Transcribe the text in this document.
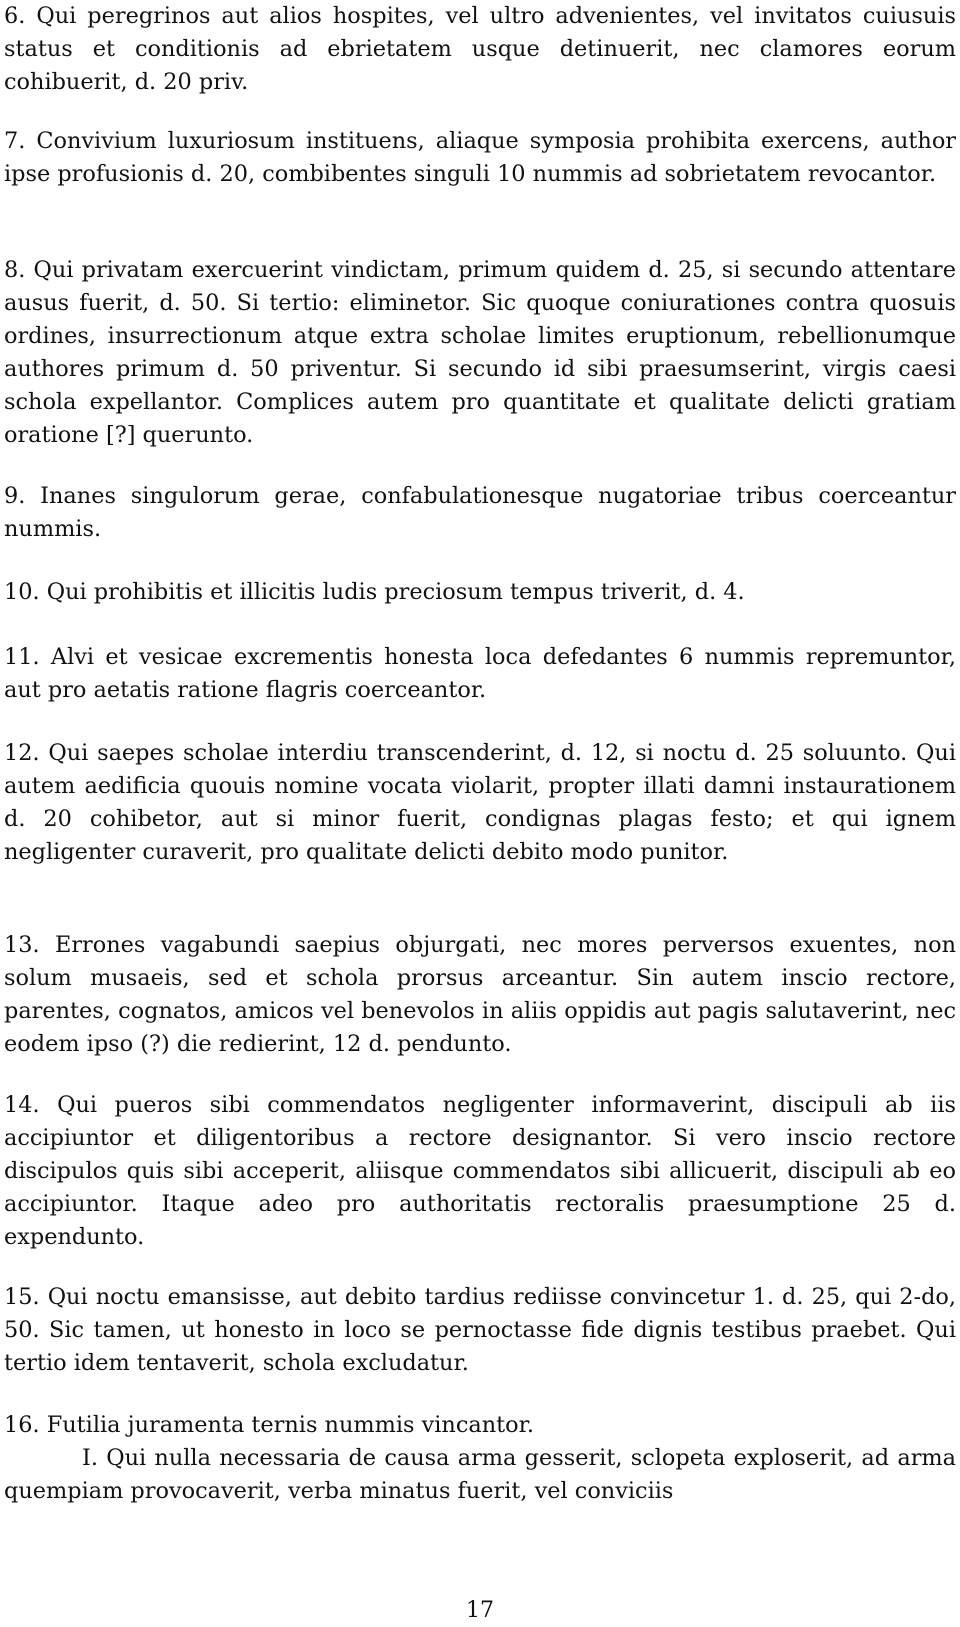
6. Qui peregrinos aut alios hospites, vel ultro advenientes, vel invitatos cuiusuis status et conditionis ad ebrietatem usque detinuerit, nec clamores eorum cohibuerit, d. 20 priv.

7. Convivium luxuriosum instituens, aliaque symposia prohibita exercens, author ipse profusionis d. 20, combibentes singuli 10 nummis ad sobrietatem revocantor.

8. Qui privatam exercuerint vindictam, primum quidem d. 25, si secundo attentare ausus fuerit, d. 50. Si tertio: eliminetor. Sic quoque coniurationes contra quosuis ordines, insurrectionum atque extra scholae limites eruptionum, rebellionumque authores primum d. 50 priventur. Si secundo id sibi praesumserint, virgis caesi schola expellantor. Complices autem pro quantitate et qualitate delicti gratiam oratione [?] querunto.

9. Inanes singulorum gerae, confabulationesque nugatoriae tribus coerceantur nummis.

10. Qui prohibitis et illicitis ludis preciosum tempus triverit, d. 4.

11. Alvi et vesicae excrementis honesta loca defedantes 6 nummis repremuntor, aut pro aetatis ratione flagris coerceantor.

12. Qui saepes scholae interdiu transcenderint, d. 12, si noctu d. 25 soluunto. Qui autem aedificia quouis nomine vocata violarit, propter illati damni instaurationem d. 20 cohibetor, aut si minor fuerit, condignas plagas festo; et qui ignem negligenter curaverit, pro qualitate delicti debito modo punitor.

13. Errones vagabundi saepius objurgati, nec mores perversos exuentes, non solum musaeis, sed et schola prorsus arceantur. Sin autem inscio rectore, parentes, cognatos, amicos vel benevolos in aliis oppidis aut pagis salutaverint, nec eodem ipso (?) die redierint, 12 d. pendunto.

14. Qui pueros sibi commendatos negligenter informaverint, discipuli ab iis accipiuntor et diligentoribus a rectore designantor. Si vero inscio rectore discipulos quis sibi acceperit, aliisque commendatos sibi allicuerit, discipuli ab eo accipiuntor. Itaque adeo pro authoritatis rectoralis praesumptione 25 d. expendunto.

15. Qui noctu emansisse, aut debito tardius rediisse convincetur 1. d. 25, qui 2-do, 50. Sic tamen, ut honesto in loco se pernoctasse fide dignis testibus praebet. Qui tertio idem tentaverit, schola excludatur.

16. Futilia juramenta ternis nummis vincantor.

I. Qui nulla necessaria de causa arma gesserit, sclopeta exploserit, ad arma quempiam provocaverit, verba minatus fuerit, vel conviciis

17
